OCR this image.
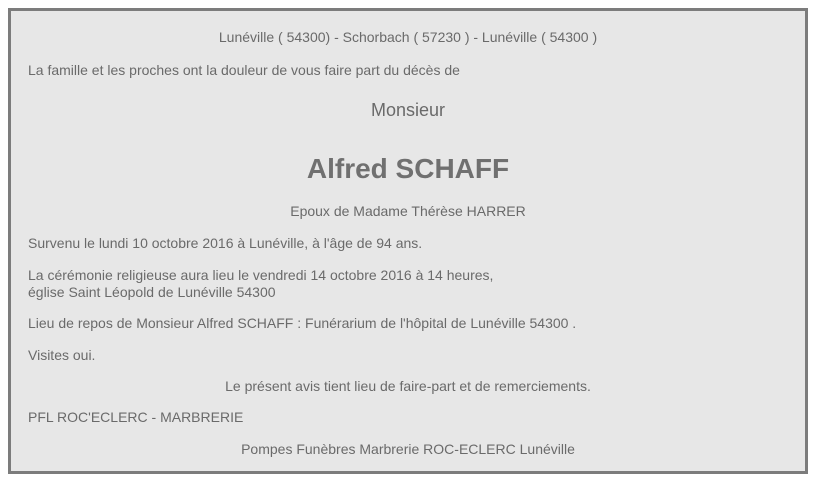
Lunéville ( 54300) - Schorbach ( 57230 ) - Lunéville ( 54300 )
La famille et les proches ont la douleur de vous faire part du décès de
Monsieur
Alfred SCHAFF
Epoux de Madame Thérèse HARRER
Survenu le lundi 10 octobre 2016 à Lunéville, à l'âge de 94 ans.
La cérémonie religieuse aura lieu le vendredi 14 octobre 2016 à 14 heures,
église Saint Léopold de Lunéville 54300
Lieu de repos de Monsieur Alfred SCHAFF : Funérarium de l'hôpital de Lunéville 54300 .
Visites oui.
Le présent avis tient lieu de faire-part et de remerciements.
PFL ROC'ECLERC - MARBRERIE
Pompes Funèbres Marbrerie ROC-ECLERC Lunéville
